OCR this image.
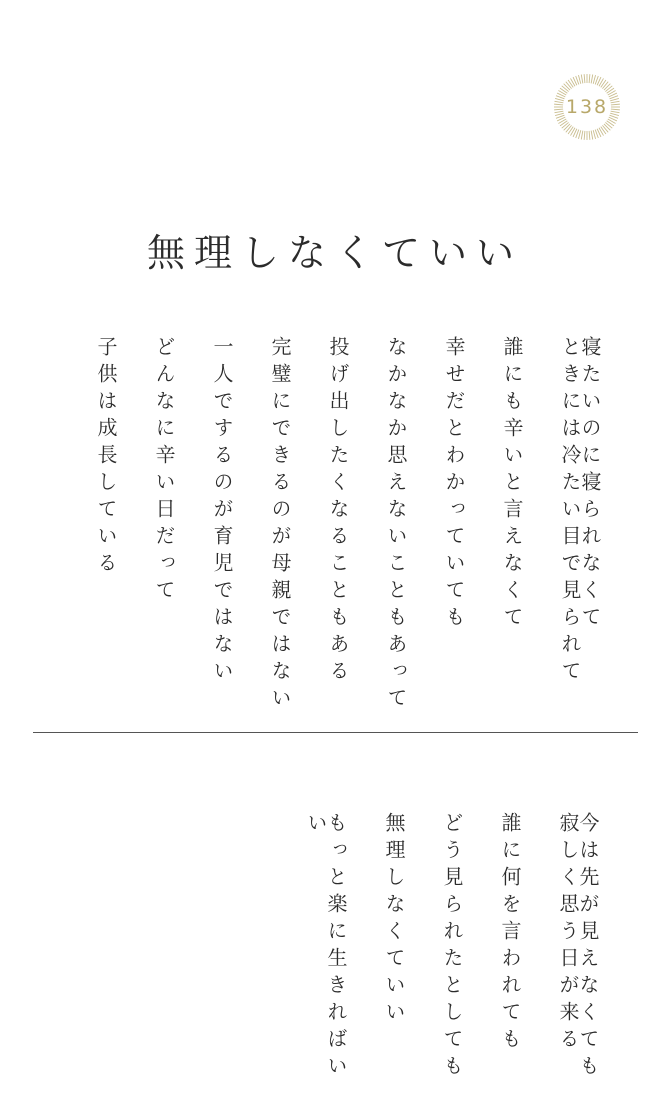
138
無理しなくていい
寝たいのに寝られなくて
ときには冷たい目で見られて
誰にも辛いと言えなくて
幸せだとわかっていても
なかなか思えないこともあって
投げ出したくなることもある
完璧にできるのが母親ではない
一人でするのが育児ではない
どんなに辛い日だって
子供は成長している
今は先が見えなくても
寂しく思う日が来る
誰に何を言われても
どう見られたとしても
無理しなくていい
もっと楽に生きればいい
